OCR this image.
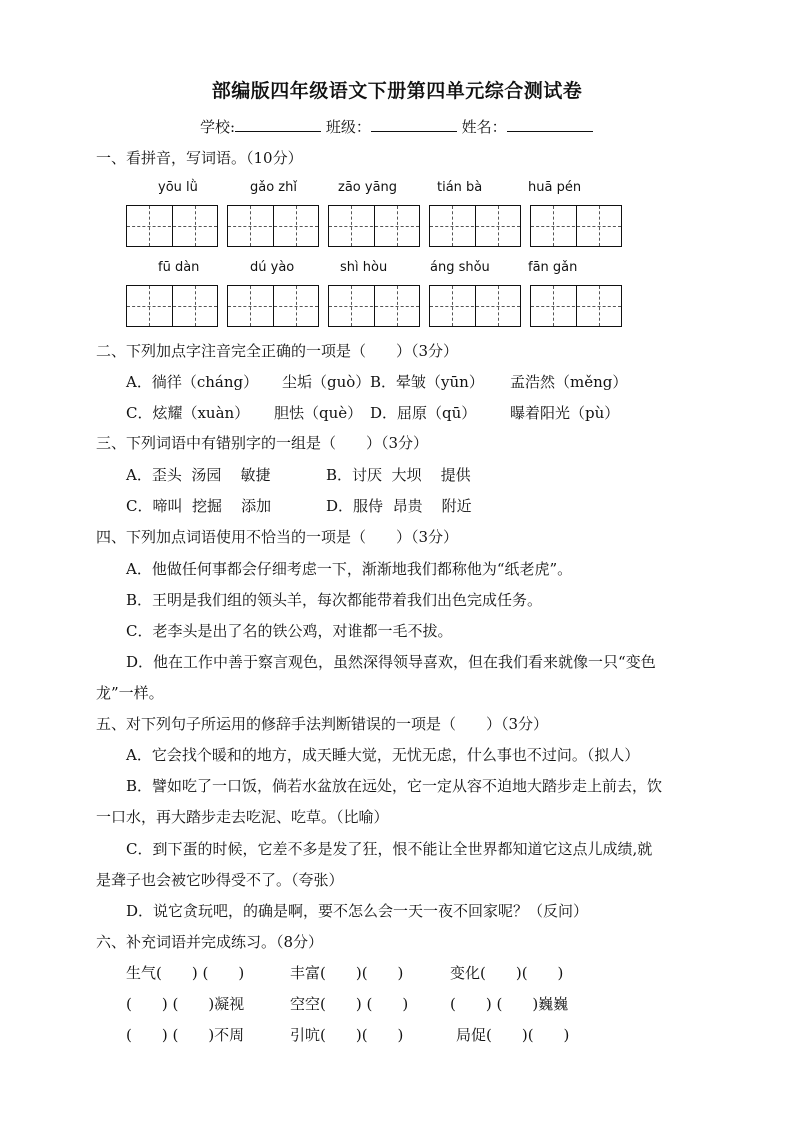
部编版四年级语文下册第四单元综合测试卷
学校:	班级：	姓名：
一、看拼音，写词语。（10分）
yōu lǜ	gǎo zhǐ	zāo yāng	tián bà	huā pén
fū dàn	dú yào	shì hòu	áng shǒu	fān gǎn
二、下列加点字注音完全正确的一项是（　　）（3分）
A．徜徉（cháng） 尘垢（guò） B．晕皱（yūn） 孟浩然（měng）
C．炫耀（xuàn） 胆怯（què） D．屈原（qū） 曝着阳光（pù）
三、下列词语中有错别字的一组是（　　）（3分）
A．歪头  汤园    敏捷	B．讨厌  大坝    提供
C．啼叫  挖掘    添加	D．服侍  昂贵    附近
四、下列加点词语使用不恰当的一项是（　　）（3分）
A．他做任何事都会仔细考虑一下，渐渐地我们都称他为“纸老虎”。
B．王明是我们组的领头羊，每次都能带着我们出色完成任务。
C．老李头是出了名的铁公鸡，对谁都一毛不拔。
D．他在工作中善于察言观色，虽然深得领导喜欢，但在我们看来就像一只“变色
龙”一样。
五、对下列句子所运用的修辞手法判断错误的一项是（　　）（3分）
A．它会找个暖和的地方，成天睡大觉，无忧无虑，什么事也不过问。（拟人）
B．譬如吃了一口饭，倘若水盆放在远处，它一定从容不迫地大踏步走上前去，饮
一口水，再大踏步走去吃泥、吃草。（比喻）
C．到下蛋的时候，它差不多是发了狂，恨不能让全世界都知道它这点儿成绩,就
是聋子也会被它吵得受不了。（夸张）
D．说它贪玩吧，的确是啊，要不怎么会一天一夜不回家呢？（反问）
六、补充词语并完成练习。（8分）
生气(　　) (　　)	丰富(　　)(　　)	变化(　　)(　　)
(　　) (　　)凝视	空空(　　) (　　)	(　　) (　　)巍巍
(　　) (　　)不周	引吭(　　)(　　)	局促(　　)(　　)
